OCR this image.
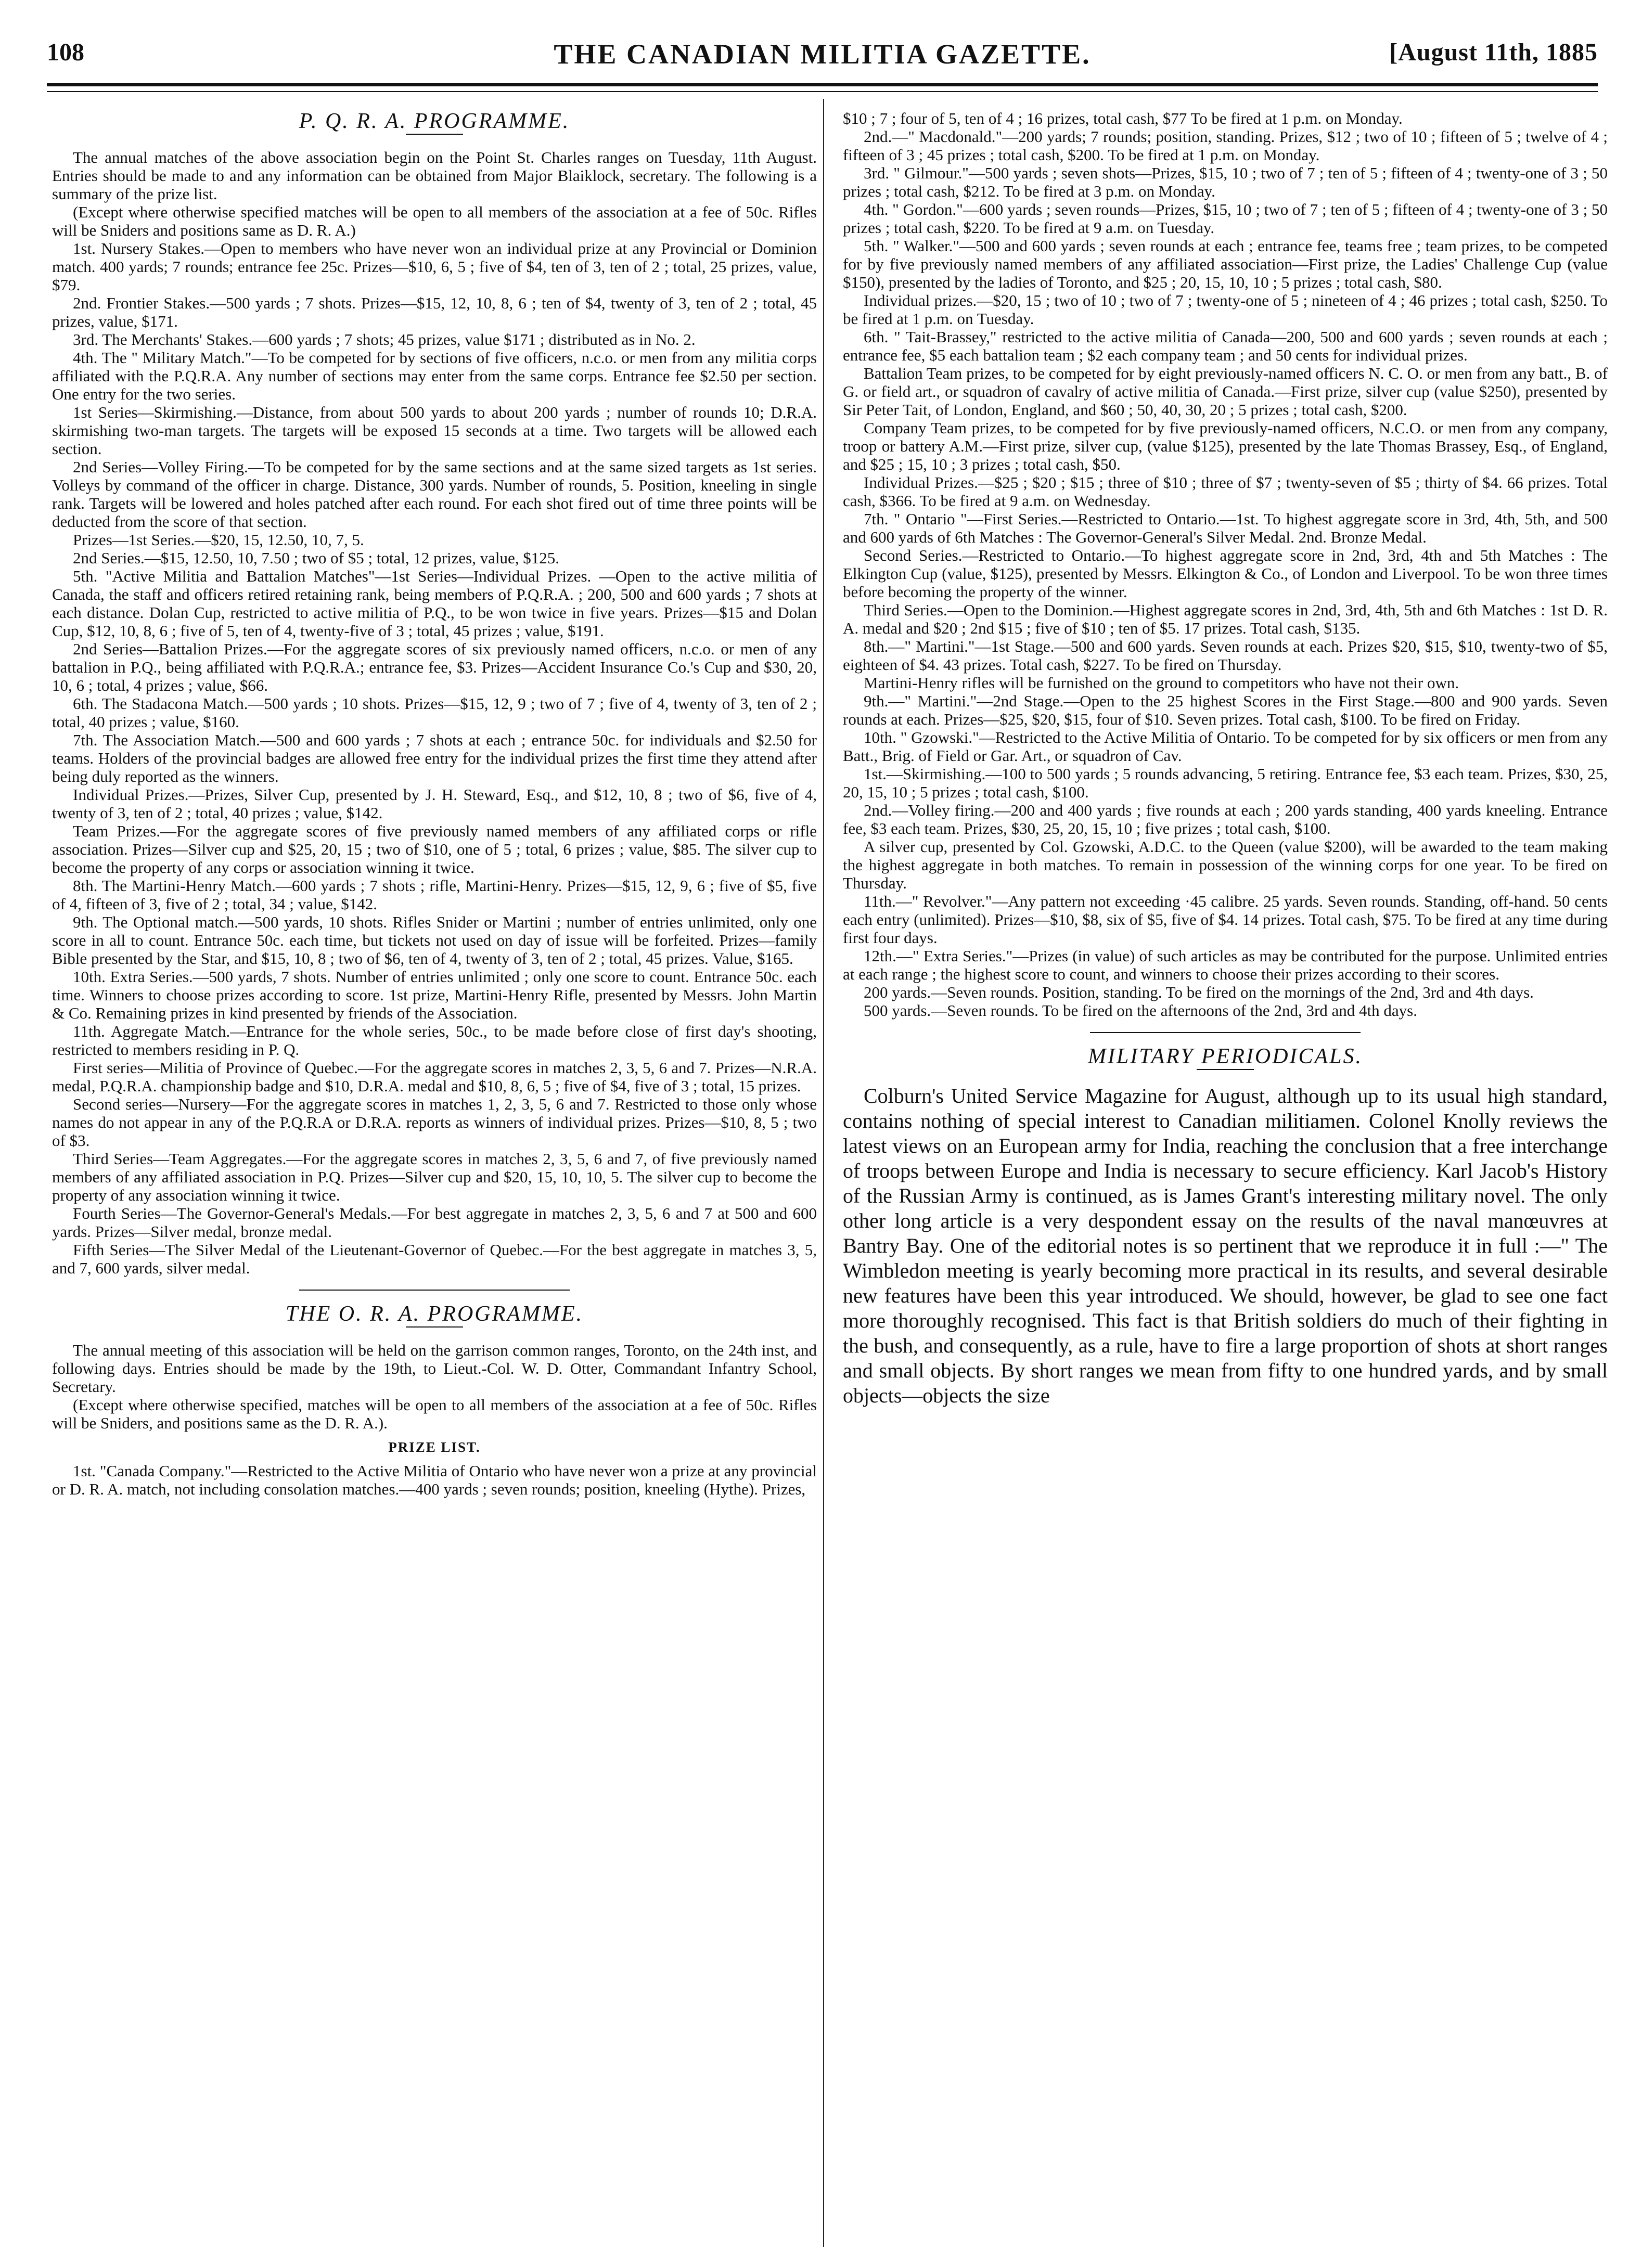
108	THE CANADIAN MILITIA GAZETTE.	[August 11th, 1885
P. Q. R. A. PROGRAMME.

The annual matches of the above association begin on the Point St. Charles ranges on Tuesday, 11th August. Entries should be made to and any information can be obtained from Major Blaiklock, secretary. The following is a summary of the prize list.

(Except where otherwise specified matches will be open to all members of the association at a fee of 50c. Rifles will be Sniders and positions same as D. R. A.)

1st. Nursery Stakes.—Open to members who have never won an individual prize at any Provincial or Dominion match. 400 yards; 7 rounds; entrance fee 25c. Prizes—$10, 6, 5 ; five of $4, ten of 3, ten of 2 ; total, 25 prizes, value, $79.

2nd. Frontier Stakes.—500 yards ; 7 shots. Prizes—$15, 12, 10, 8, 6 ; ten of $4, twenty of 3, ten of 2 ; total, 45 prizes, value, $171.

3rd. The Merchants' Stakes.—600 yards ; 7 shots; 45 prizes, value $171 ; distributed as in No. 2.

4th. The " Military Match."—To be competed for by sections of five officers, n.c.o. or men from any militia corps affiliated with the P.Q.R.A. Any number of sections may enter from the same corps. Entrance fee $2.50 per section. One entry for the two series.

1st Series—Skirmishing.—Distance, from about 500 yards to about 200 yards ; number of rounds 10; D.R.A. skirmishing two-man targets. The targets will be exposed 15 seconds at a time. Two targets will be allowed each section.

2nd Series—Volley Firing.—To be competed for by the same sections and at the same sized targets as 1st series. Volleys by command of the officer in charge. Distance, 300 yards. Number of rounds, 5. Position, kneeling in single rank. Targets will be lowered and holes patched after each round. For each shot fired out of time three points will be deducted from the score of that section.

Prizes—1st Series.—$20, 15, 12.50, 10, 7, 5.

2nd Series.—$15, 12.50, 10, 7.50 ; two of $5 ; total, 12 prizes, value, $125.

5th. "Active Militia and Battalion Matches"—1st Series—Individual Prizes. —Open to the active militia of Canada, the staff and officers retired retaining rank, being members of P.Q.R.A. ; 200, 500 and 600 yards ; 7 shots at each distance. Dolan Cup, restricted to active militia of P.Q., to be won twice in five years. Prizes—$15 and Dolan Cup, $12, 10, 8, 6 ; five of 5, ten of 4, twenty-five of 3 ; total, 45 prizes ; value, $191.

2nd Series—Battalion Prizes.—For the aggregate scores of six previously named officers, n.c.o. or men of any battalion in P.Q., being affiliated with P.Q.R.A.; entrance fee, $3. Prizes—Accident Insurance Co.'s Cup and $30, 20, 10, 6 ; total, 4 prizes ; value, $66.

6th. The Stadacona Match.—500 yards ; 10 shots. Prizes—$15, 12, 9 ; two of 7 ; five of 4, twenty of 3, ten of 2 ; total, 40 prizes ; value, $160.

7th. The Association Match.—500 and 600 yards ; 7 shots at each ; entrance 50c. for individuals and $2.50 for teams. Holders of the provincial badges are allowed free entry for the individual prizes the first time they attend after being duly reported as the winners.

Individual Prizes.—Prizes, Silver Cup, presented by J. H. Steward, Esq., and $12, 10, 8 ; two of $6, five of 4, twenty of 3, ten of 2 ; total, 40 prizes ; value, $142.

Team Prizes.—For the aggregate scores of five previously named members of any affiliated corps or rifle association. Prizes—Silver cup and $25, 20, 15 ; two of $10, one of 5 ; total, 6 prizes ; value, $85. The silver cup to become the property of any corps or association winning it twice.

8th. The Martini-Henry Match.—600 yards ; 7 shots ; rifle, Martini-Henry. Prizes—$15, 12, 9, 6 ; five of $5, five of 4, fifteen of 3, five of 2 ; total, 34 ; value, $142.

9th. The Optional match.—500 yards, 10 shots. Rifles Snider or Martini ; number of entries unlimited, only one score in all to count. Entrance 50c. each time, but tickets not used on day of issue will be forfeited. Prizes—family Bible presented by the Star, and $15, 10, 8 ; two of $6, ten of 4, twenty of 3, ten of 2 ; total, 45 prizes. Value, $165.

10th. Extra Series.—500 yards, 7 shots. Number of entries unlimited ; only one score to count. Entrance 50c. each time. Winners to choose prizes according to score. 1st prize, Martini-Henry Rifle, presented by Messrs. John Martin & Co. Remaining prizes in kind presented by friends of the Association.

11th. Aggregate Match.—Entrance for the whole series, 50c., to be made before close of first day's shooting, restricted to members residing in P. Q.

First series—Militia of Province of Quebec.—For the aggregate scores in matches 2, 3, 5, 6 and 7. Prizes—N.R.A. medal, P.Q.R.A. championship badge and $10, D.R.A. medal and $10, 8, 6, 5 ; five of $4, five of 3 ; total, 15 prizes.

Second series—Nursery—For the aggregate scores in matches 1, 2, 3, 5, 6 and 7. Restricted to those only whose names do not appear in any of the P.Q.R.A or D.R.A. reports as winners of individual prizes. Prizes—$10, 8, 5 ; two of $3.

Third Series—Team Aggregates.—For the aggregate scores in matches 2, 3, 5, 6 and 7, of five previously named members of any affiliated association in P.Q. Prizes—Silver cup and $20, 15, 10, 10, 5. The silver cup to become the property of any association winning it twice.

Fourth Series—The Governor-General's Medals.—For best aggregate in matches 2, 3, 5, 6 and 7 at 500 and 600 yards. Prizes—Silver medal, bronze medal.

Fifth Series—The Silver Medal of the Lieutenant-Governor of Quebec.—For the best aggregate in matches 3, 5, and 7, 600 yards, silver medal.

THE O. R. A. PROGRAMME.

The annual meeting of this association will be held on the garrison common ranges, Toronto, on the 24th inst, and following days. Entries should be made by the 19th, to Lieut.-Col. W. D. Otter, Commandant Infantry School, Secretary.

(Except where otherwise specified, matches will be open to all members of the association at a fee of 50c. Rifles will be Sniders, and positions same as the D. R. A.).

PRIZE LIST.

1st. "Canada Company."—Restricted to the Active Militia of Ontario who have never won a prize at any provincial or D. R. A. match, not including consolation matches.—400 yards ; seven rounds; position, kneeling (Hythe). Prizes,

$10 ; 7 ; four of 5, ten of 4 ; 16 prizes, total cash, $77 To be fired at 1 p.m. on Monday.

2nd.—" Macdonald."—200 yards; 7 rounds; position, standing. Prizes, $12 ; two of 10 ; fifteen of 5 ; twelve of 4 ; fifteen of 3 ; 45 prizes ; total cash, $200. To be fired at 1 p.m. on Monday.

3rd. " Gilmour."—500 yards ; seven shots—Prizes, $15, 10 ; two of 7 ; ten of 5 ; fifteen of 4 ; twenty-one of 3 ; 50 prizes ; total cash, $212. To be fired at 3 p.m. on Monday.

4th. " Gordon."—600 yards ; seven rounds—Prizes, $15, 10 ; two of 7 ; ten of 5 ; fifteen of 4 ; twenty-one of 3 ; 50 prizes ; total cash, $220. To be fired at 9 a.m. on Tuesday.

5th. " Walker."—500 and 600 yards ; seven rounds at each ; entrance fee, teams free ; team prizes, to be competed for by five previously named members of any affiliated association—First prize, the Ladies' Challenge Cup (value $150), presented by the ladies of Toronto, and $25 ; 20, 15, 10, 10 ; 5 prizes ; total cash, $80.

Individual prizes.—$20, 15 ; two of 10 ; two of 7 ; twenty-one of 5 ; nineteen of 4 ; 46 prizes ; total cash, $250. To be fired at 1 p.m. on Tuesday.

6th. " Tait-Brassey," restricted to the active militia of Canada—200, 500 and 600 yards ; seven rounds at each ; entrance fee, $5 each battalion team ; $2 each company team ; and 50 cents for individual prizes.

Battalion Team prizes, to be competed for by eight previously-named officers N. C. O. or men from any batt., B. of G. or field art., or squadron of cavalry of active militia of Canada.—First prize, silver cup (value $250), presented by Sir Peter Tait, of London, England, and $60 ; 50, 40, 30, 20 ; 5 prizes ; total cash, $200.

Company Team prizes, to be competed for by five previously-named officers, N.C.O. or men from any company, troop or battery A.M.—First prize, silver cup, (value $125), presented by the late Thomas Brassey, Esq., of England, and $25 ; 15, 10 ; 3 prizes ; total cash, $50.

Individual Prizes.—$25 ; $20 ; $15 ; three of $10 ; three of $7 ; twenty-seven of $5 ; thirty of $4. 66 prizes. Total cash, $366. To be fired at 9 a.m. on Wednesday.

7th. " Ontario "—First Series.—Restricted to Ontario.—1st. To highest aggregate score in 3rd, 4th, 5th, and 500 and 600 yards of 6th Matches : The Governor-General's Silver Medal. 2nd. Bronze Medal.

Second Series.—Restricted to Ontario.—To highest aggregate score in 2nd, 3rd, 4th and 5th Matches : The Elkington Cup (value, $125), presented by Messrs. Elkington & Co., of London and Liverpool. To be won three times before becoming the property of the winner.

Third Series.—Open to the Dominion.—Highest aggregate scores in 2nd, 3rd, 4th, 5th and 6th Matches : 1st D. R. A. medal and $20 ; 2nd $15 ; five of $10 ; ten of $5. 17 prizes. Total cash, $135.

8th.—" Martini."—1st Stage.—500 and 600 yards. Seven rounds at each. Prizes $20, $15, $10, twenty-two of $5, eighteen of $4. 43 prizes. Total cash, $227. To be fired on Thursday.

Martini-Henry rifles will be furnished on the ground to competitors who have not their own.

9th.—" Martini."—2nd Stage.—Open to the 25 highest Scores in the First Stage.—800 and 900 yards. Seven rounds at each. Prizes—$25, $20, $15, four of $10. Seven prizes. Total cash, $100. To be fired on Friday.

10th. " Gzowski."—Restricted to the Active Militia of Ontario. To be competed for by six officers or men from any Batt., Brig. of Field or Gar. Art., or squadron of Cav.

1st.—Skirmishing.—100 to 500 yards ; 5 rounds advancing, 5 retiring. Entrance fee, $3 each team. Prizes, $30, 25, 20, 15, 10 ; 5 prizes ; total cash, $100.

2nd.—Volley firing.—200 and 400 yards ; five rounds at each ; 200 yards standing, 400 yards kneeling. Entrance fee, $3 each team. Prizes, $30, 25, 20, 15, 10 ; five prizes ; total cash, $100.

A silver cup, presented by Col. Gzowski, A.D.C. to the Queen (value $200), will be awarded to the team making the highest aggregate in both matches. To remain in possession of the winning corps for one year. To be fired on Thursday.

11th.—" Revolver."—Any pattern not exceeding ·45 calibre. 25 yards. Seven rounds. Standing, off-hand. 50 cents each entry (unlimited). Prizes—$10, $8, six of $5, five of $4. 14 prizes. Total cash, $75. To be fired at any time during first four days.

12th.—" Extra Series."—Prizes (in value) of such articles as may be contributed for the purpose. Unlimited entries at each range ; the highest score to count, and winners to choose their prizes according to their scores.

200 yards.—Seven rounds. Position, standing. To be fired on the mornings of the 2nd, 3rd and 4th days.

500 yards.—Seven rounds. To be fired on the afternoons of the 2nd, 3rd and 4th days.

MILITARY PERIODICALS.

Colburn's United Service Magazine for August, although up to its usual high standard, contains nothing of special interest to Canadian militiamen. Colonel Knolly reviews the latest views on an European army for India, reaching the conclusion that a free interchange of troops between Europe and India is necessary to secure efficiency. Karl Jacob's History of the Russian Army is continued, as is James Grant's interesting military novel. The only other long article is a very despondent essay on the results of the naval manœuvres at Bantry Bay. One of the editorial notes is so pertinent that we reproduce it in full :—" The Wimbledon meeting is yearly becoming more practical in its results, and several desirable new features have been this year introduced. We should, however, be glad to see one fact more thoroughly recognised. This fact is that British soldiers do much of their fighting in the bush, and consequently, as a rule, have to fire a large proportion of shots at short ranges and small objects. By short ranges we mean from fifty to one hundred yards, and by small objects—objects the size
